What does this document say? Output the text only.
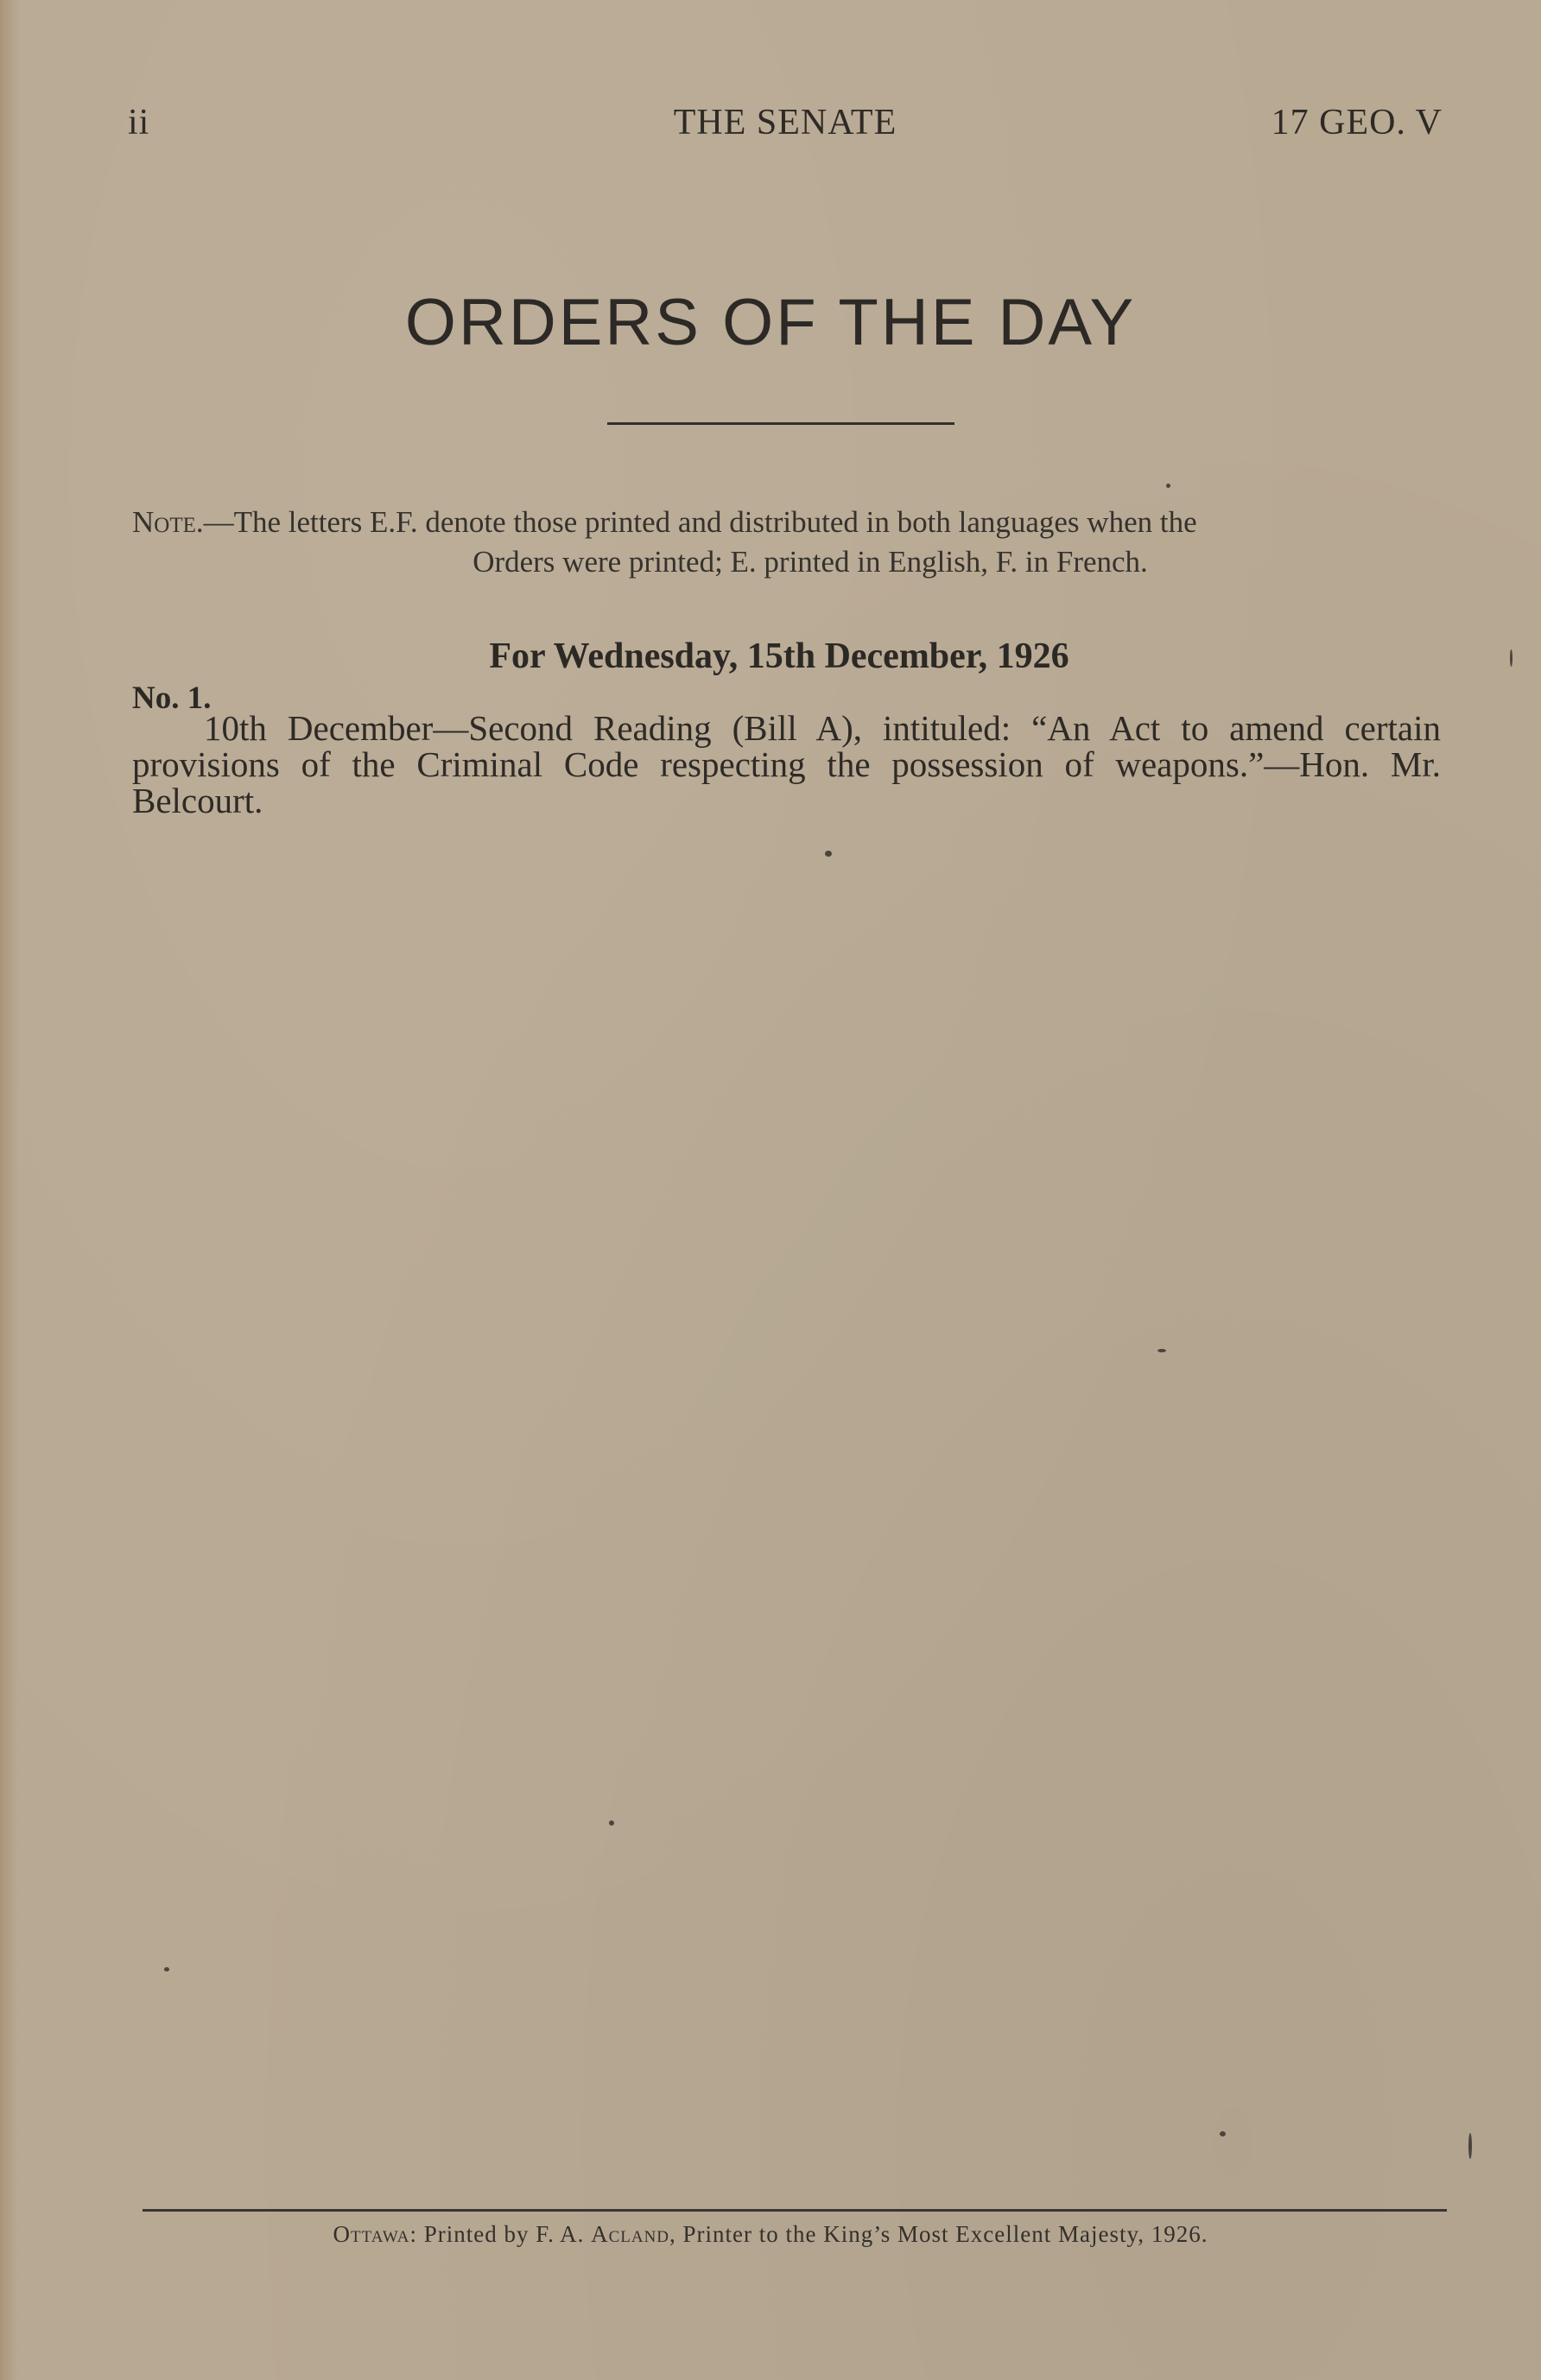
ii	THE SENATE	17 GEO. V
ORDERS OF THE DAY
Note.—The letters E.F. denote those printed and distributed in both languages when the
Orders were printed; E. printed in English, F. in French.
For Wednesday, 15th December, 1926
No. 1.
10th December—Second Reading (Bill A), intituled: “An Act to amend certain provisions of the Criminal Code respecting the possession of weapons.”—Hon. Mr. Belcourt.
Ottawa: Printed by F. A. Acland, Printer to the King’s Most Excellent Majesty, 1926.
